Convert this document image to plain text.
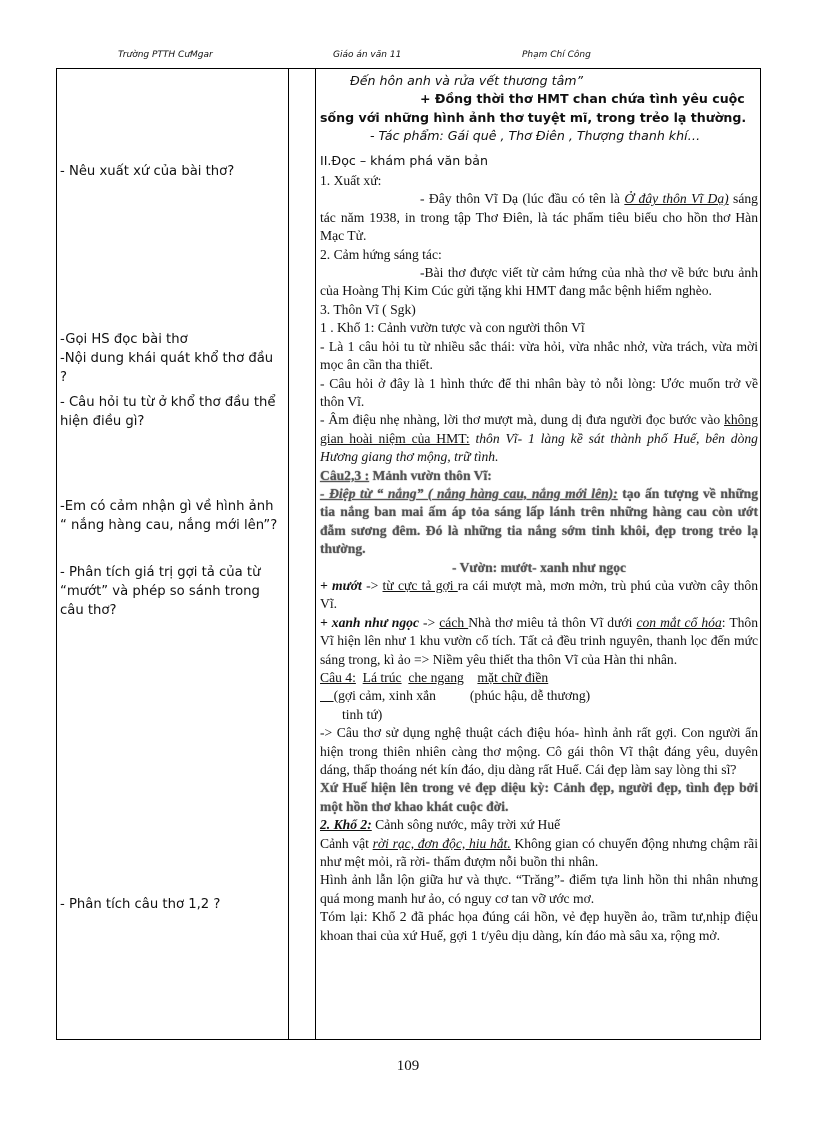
Trường PTTH CưMgar	Giáo án văn 11	Phạm Chí Công
- Nêu xuất xứ của bài thơ?
-Gọi HS đọc bài thơ
-Nội dung khái quát khổ thơ đầu ?
- Câu hỏi tu từ ở khổ thơ đầu thể hiện điều gì?
-Em có cảm nhận gì về hình ảnh “ nắng hàng cau, nắng mới lên”?
- Phân tích giá trị gợi tả của từ “mướt” và phép so sánh trong câu thơ?
- Phân tích câu thơ 1,2 ?

Đến hôn anh và rửa vết thương tâm”

+ Đồng thời thơ HMT chan chứa tình yêu cuộc sống với những hình ảnh thơ tuyệt mĩ, trong trẻo lạ thường.

- Tác phẩm: Gái quê , Thơ Điên , Thượng thanh khí…

II.Đọc – khám phá văn bản

1. Xuất xứ:

- Đây thôn Vĩ Dạ (lúc đầu có tên là Ở đây thôn Vĩ Dạ) sáng tác năm 1938, in trong tập Thơ Điên, là tác phẩm tiêu biểu cho hồn thơ Hàn Mạc Tử.

2. Cảm hứng sáng tác:

-Bài thơ được viết từ cảm hứng của nhà thơ về bức bưu ảnh của Hoàng Thị Kim Cúc gửi tặng khi HMT đang mắc bệnh hiểm nghèo.

3. Thôn Vĩ ( Sgk)

1 . Khổ 1: Cảnh vườn tược và con người thôn Vĩ

- Là 1 câu hỏi tu từ nhiều sắc thái: vừa hỏi, vừa nhắc nhở, vừa trách, vừa mời mọc ân cần tha thiết.

- Câu hỏi ở đây là 1 hình thức để thi nhân bày tỏ nỗi lòng: Ước muốn trở về thôn Vĩ.

- Âm điệu nhẹ nhàng, lời thơ mượt mà, dung dị đưa người đọc bước vào không gian hoài niệm của HMT: thôn Vĩ- 1 làng kề sát thành phố Huế, bên dòng Hương giang thơ mộng, trữ tình.

Câu2,3 : Mảnh vườn thôn Vĩ:

- Điệp từ “ nắng” ( nắng hàng cau, nắng mới lên): tạo ấn tượng về những tia nắng ban mai ấm áp tỏa sáng lấp lánh trên những hàng cau còn ướt đẫm sương đêm. Đó là những tia nắng sớm tinh khôi, đẹp trong trẻo lạ thường.

- Vườn: mướt- xanh như ngọc

+ mướt -> từ cực tả gợi ra cái mượt mà, mơn mởn, trù phú của vườn cây thôn Vĩ.

+ xanh như ngọc -> cách Nhà thơ miêu tả thôn Vĩ dưới con mắt cổ hóa: Thôn Vĩ hiện lên như 1 khu vườn cổ tích. Tất cả đều trinh nguyên, thanh lọc đến mức sáng trong, kì ảo => Niềm yêu thiết tha thôn Vĩ của Hàn thi nhân.

Câu 4: Lá trúc che ngang mặt chữ điền

(gợi cảm, xinh xắn (phúc hậu, dễ thương)

tinh tứ)

-> Câu thơ sử dụng nghệ thuật cách điệu hóa- hình ảnh rất gợi. Con người ẩn hiện trong thiên nhiên càng thơ mộng. Cô gái thôn Vĩ thật đáng yêu, duyên dáng, thấp thoáng nét kín đáo, dịu dàng rất Huế. Cái đẹp làm say lòng thi sĩ?

Xứ Huế hiện lên trong vẻ đẹp diệu kỳ: Cảnh đẹp, người đẹp, tình đẹp bởi một hồn thơ khao khát cuộc đời.

2. Khổ 2: Cảnh sông nước, mây trời xứ Huế

Cảnh vật rời rạc, đơn độc, hiu hắt. Không gian có chuyển động nhưng chậm rãi như mệt mỏi, rã rời- thấm đượm nỗi buồn thi nhân.

Hình ảnh lẫn lộn giữa hư và thực. “Trăng”- điểm tựa linh hồn thi nhân nhưng quá mong manh hư ảo, có nguy cơ tan vỡ ước mơ.

Tóm lại: Khổ 2 đã phác họa đúng cái hồn, vẻ đẹp huyền ảo, trầm tư,nhịp điệu khoan thai của xứ Huế, gợi 1 t/yêu dịu dàng, kín đáo mà sâu xa, rộng mở.

109
